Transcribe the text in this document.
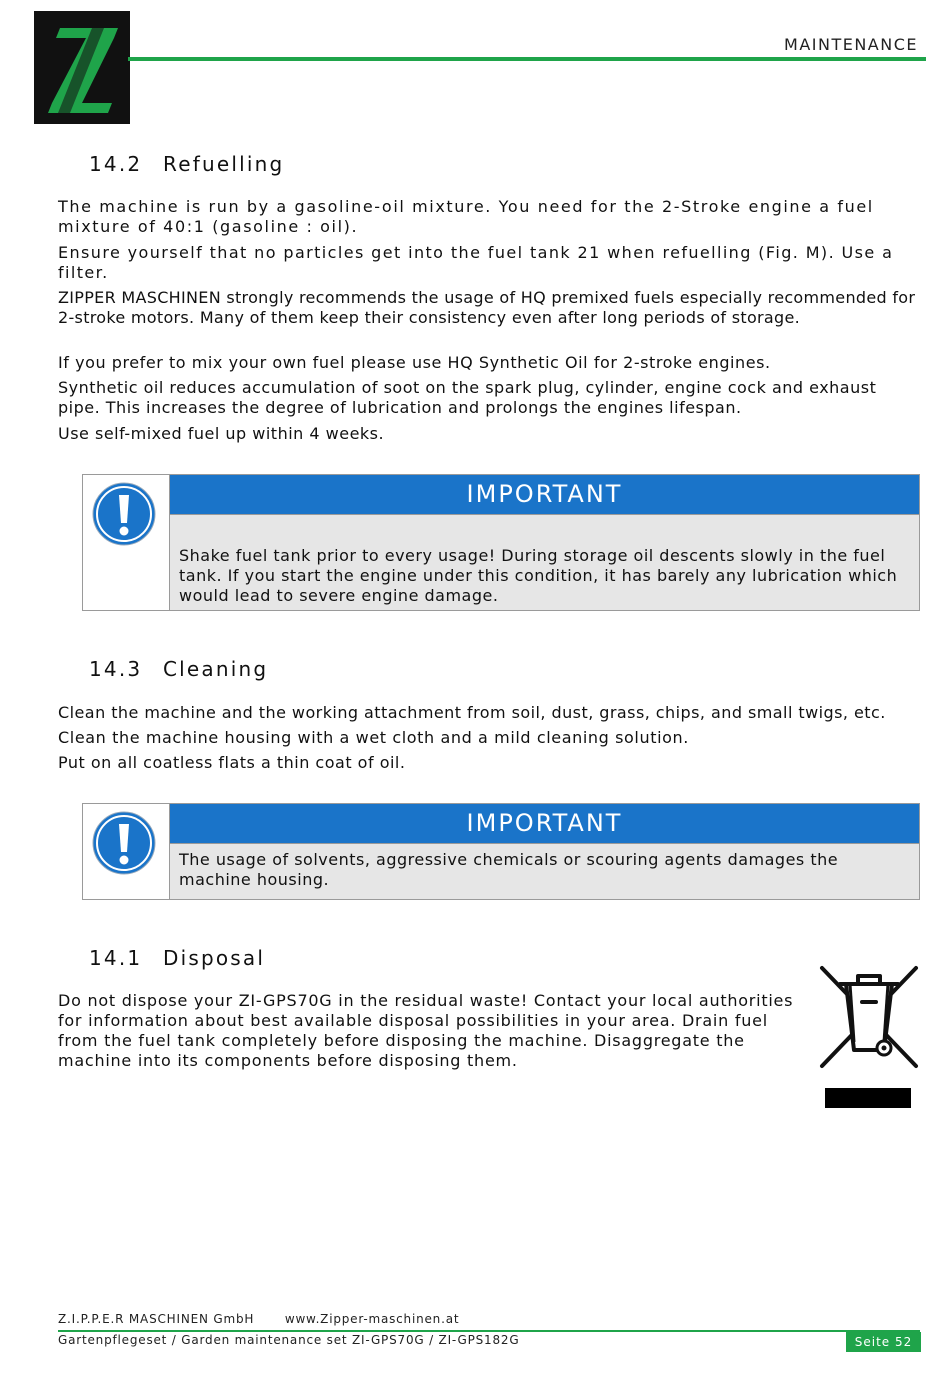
MAINTENANCE
14.2	Refuelling

The machine is run by a gasoline-oil mixture. You need for the 2-Stroke engine a fuel mixture of 40:1 (gasoline : oil).

Ensure yourself that no particles get into the fuel tank 21 when refuelling (Fig. M). Use a filter.

ZIPPER MASCHINEN strongly recommends the usage of HQ premixed fuels especially recommended for 2-stroke motors. Many of them keep their consistency even after long periods of storage.

If you prefer to mix your own fuel please use HQ Synthetic Oil for 2-stroke engines.

Synthetic oil reduces accumulation of soot on the spark plug, cylinder, engine cock and exhaust pipe. This increases the degree of lubrication and prolongs the engines lifespan.

Use self-mixed fuel up within 4 weeks.

IMPORTANT

Shake fuel tank prior to every usage! During storage oil descents slowly in the fuel tank. If you start the engine under this condition, it has barely any lubrication which would lead to severe engine damage.

14.3	Cleaning

Clean the machine and the working attachment from soil, dust, grass, chips, and small twigs, etc.

Clean the machine housing with a wet cloth and a mild cleaning solution.

Put on all coatless flats a thin coat of oil.

IMPORTANT

The usage of solvents, aggressive chemicals or scouring agents damages the machine housing.

14.1	Disposal

Do not dispose your ZI-GPS70G in the residual waste! Contact your local authorities for information about best available disposal possibilities in your area. Drain fuel from the fuel tank completely before disposing the machine. Disaggregate the machine into its components before disposing them.

Z.I.P.P.E.R MASCHINEN GmbH	www.Zipper-maschinen.at
Gartenpflegeset / Garden maintenance set ZI-GPS70G / ZI-GPS182G	Seite 52
